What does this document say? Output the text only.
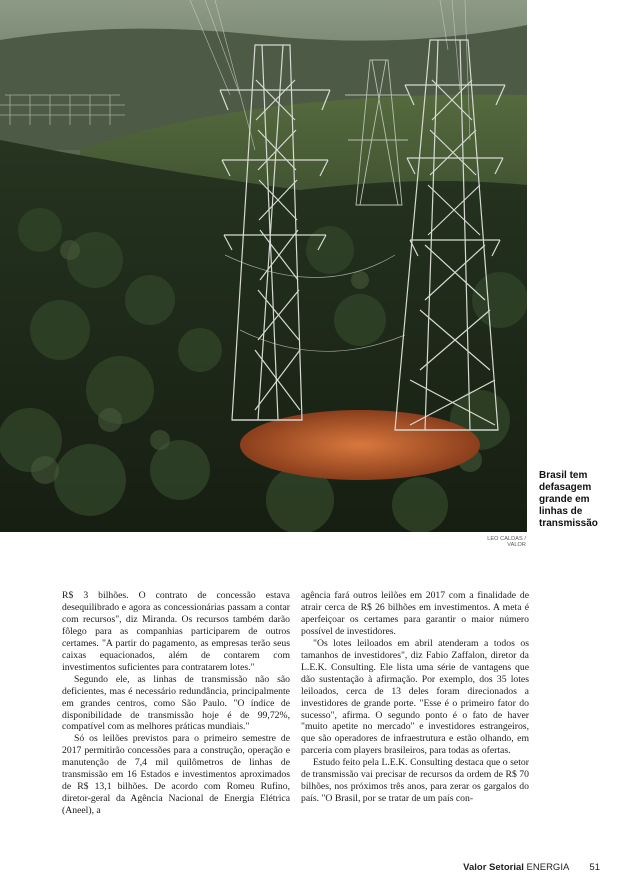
LEO CALDAS / VALOR
Brasil tem defasagem grande em linhas de transmissão

R$ 3 bilhões. O contrato de concessão estava desequilibrado e agora as concessionárias passam a contar com recursos", diz Miranda. Os recursos também darão fôlego para as companhias participarem de outros certames. "A partir do pagamento, as empresas terão seus caixas equacionados, além de contarem com investimentos suficientes para contratarem lotes."

Segundo ele, as linhas de transmissão não são deficientes, mas é necessário redundância, principalmente em grandes centros, como São Paulo. "O índice de disponibilidade de transmissão hoje é de 99,72%, compatível com as melhores práticas mundiais."

Só os leilões previstos para o primeiro semestre de 2017 permitirão concessões para a construção, operação e manutenção de 7,4 mil quilômetros de linhas de transmissão em 16 Estados e investimentos aproximados de R$ 13,1 bilhões. De acordo com Romeu Rufino, diretor-geral da Agência Nacional de Energia Elétrica (Aneel), a

agência fará outros leilões em 2017 com a finalidade de atrair cerca de R$ 26 bilhões em investimentos. A meta é aperfeiçoar os certames para garantir o maior número possível de investidores.

"Os lotes leiloados em abril atenderam a todos os tamanhos de investidores", diz Fabio Zaffalon, diretor da L.E.K. Consulting. Ele lista uma série de vantagens que dão sustentação à afirmação. Por exemplo, dos 35 lotes leiloados, cerca de 13 deles foram direcionados a investidores de grande porte. "Esse é o primeiro fator do sucesso", afirma. O segundo ponto é o fato de haver "muito apetite no mercado" e investidores estrangeiros, que são operadores de infraestrutura e estão olhando, em parceria com players brasileiros, para todas as ofertas.

Estudo feito pela L.E.K. Consulting destaca que o setor de transmissão vai precisar de recursos da ordem de R$ 70 bilhões, nos próximos três anos, para zerar os gargalos do país. "O Brasil, por se tratar de um país con-

Valor Setorial ENERGIA 51
